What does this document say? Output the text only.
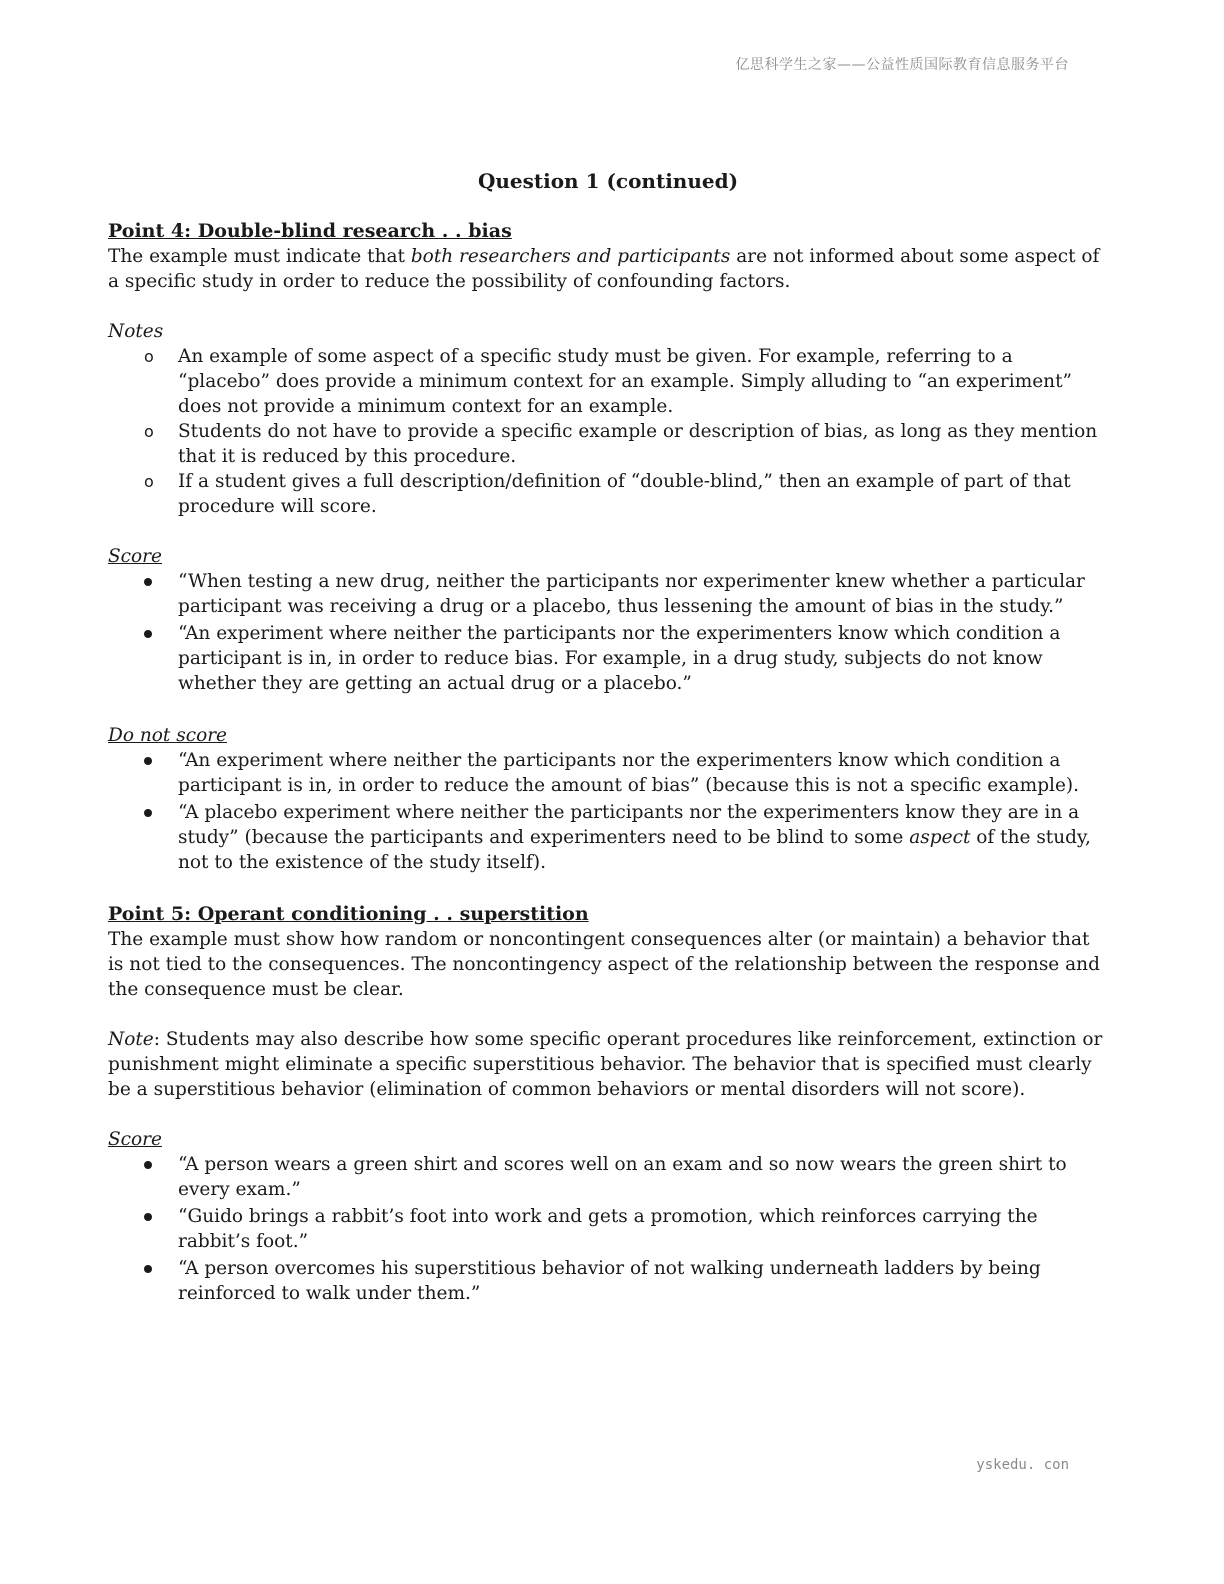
亿思科学生之家——公益性质国际教育信息服务平台
Question 1 (continued)

Point 4: Double-blind research . . bias

The example must indicate that both researchers and participants are not informed about some aspect of a specific study in order to reduce the possibility of confounding factors.

Notes

o An example of some aspect of a specific study must be given. For example, referring to a “placebo” does provide a minimum context for an example. Simply alluding to “an experiment” does not provide a minimum context for an example.
o Students do not have to provide a specific example or description of bias, as long as they mention that it is reduced by this procedure.
o If a student gives a full description/definition of “double-blind,” then an example of part of that procedure will score.

Score

“When testing a new drug, neither the participants nor experimenter knew whether a particular participant was receiving a drug or a placebo, thus lessening the amount of bias in the study.”
“An experiment where neither the participants nor the experimenters know which condition a participant is in, in order to reduce bias. For example, in a drug study, subjects do not know whether they are getting an actual drug or a placebo.”

Do not score

“An experiment where neither the participants nor the experimenters know which condition a participant is in, in order to reduce the amount of bias” (because this is not a specific example).
“A placebo experiment where neither the participants nor the experimenters know they are in a study” (because the participants and experimenters need to be blind to some aspect of the study, not to the existence of the study itself).

Point 5: Operant conditioning . . superstition

The example must show how random or noncontingent consequences alter (or maintain) a behavior that is not tied to the consequences. The noncontingency aspect of the relationship between the response and the consequence must be clear.

Note: Students may also describe how some specific operant procedures like reinforcement, extinction or punishment might eliminate a specific superstitious behavior. The behavior that is specified must clearly be a superstitious behavior (elimination of common behaviors or mental disorders will not score).

Score

“A person wears a green shirt and scores well on an exam and so now wears the green shirt to every exam.”
“Guido brings a rabbit’s foot into work and gets a promotion, which reinforces carrying the rabbit’s foot.”
“A person overcomes his superstitious behavior of not walking underneath ladders by being reinforced to walk under them.”
yskedu. con
